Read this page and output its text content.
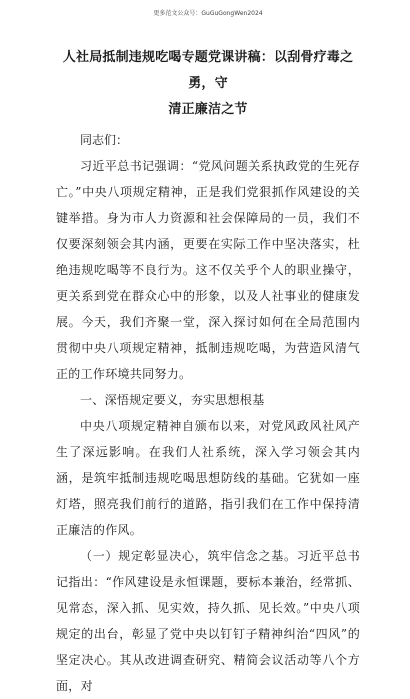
更多范文公众号：GuGuGongWen2024
人社局抵制违规吃喝专题党课讲稿：以刮骨疗毒之勇，守
清正廉洁之节
同志们：

习近平总书记强调：“党风问题关系执政党的生死存亡。”中央八项规定精神，正是我们党狠抓作风建设的关键举措。身为市人力资源和社会保障局的一员，我们不仅要深刻领会其内涵，更要在实际工作中坚决落实，杜绝违规吃喝等不良行为。这不仅关乎个人的职业操守，更关系到党在群众心中的形象，以及人社事业的健康发展。今天，我们齐聚一堂，深入探讨如何在全局范围内贯彻中央八项规定精神，抵制违规吃喝，为营造风清气正的工作环境共同努力。

一、深悟规定要义，夯实思想根基

中央八项规定精神自颁布以来，对党风政风社风产生了深远影响。在我们人社系统，深入学习领会其内涵，是筑牢抵制违规吃喝思想防线的基础。它犹如一座灯塔，照亮我们前行的道路，指引我们在工作中保持清正廉洁的作风。

（一）规定彰显决心，筑牢信念之基。习近平总书记指出：“作风建设是永恒课题，要标本兼治，经常抓、见常态，深入抓、见实效，持久抓、见长效。”中央八项规定的出台，彰显了党中央以钉钉子精神纠治“四风”的坚定决心。其从改进调查研究、精简会议活动等八个方面，对
